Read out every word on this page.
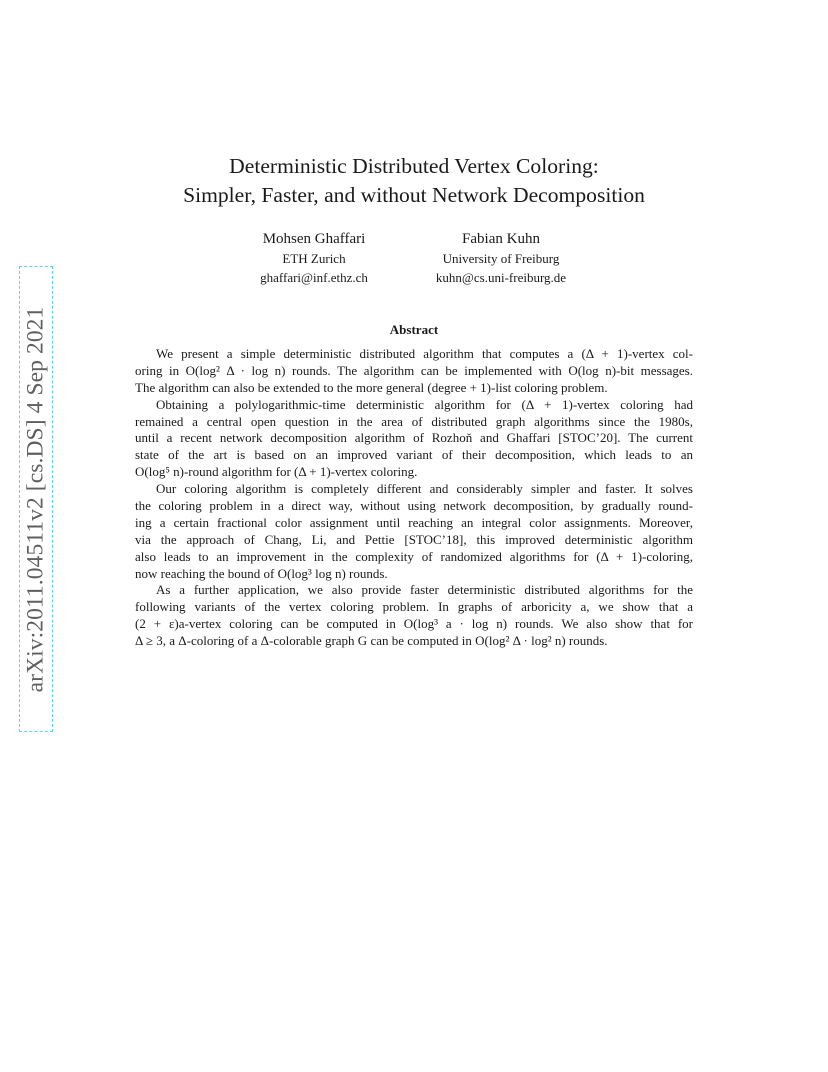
arXiv:2011.04511v2 [cs.DS] 4 Sep 2021
Deterministic Distributed Vertex Coloring:
Simpler, Faster, and without Network Decomposition
Mohsen Ghaffari
ETH Zurich
ghaffari@inf.ethz.ch
Fabian Kuhn
University of Freiburg
kuhn@cs.uni-freiburg.de
Abstract
We present a simple deterministic distributed algorithm that computes a (Δ + 1)-vertex col-
oring in O(log² Δ · log n) rounds. The algorithm can be implemented with O(log n)-bit messages.
The algorithm can also be extended to the more general (degree + 1)-list coloring problem.
Obtaining a polylogarithmic-time deterministic algorithm for (Δ + 1)-vertex coloring had
remained a central open question in the area of distributed graph algorithms since the 1980s,
until a recent network decomposition algorithm of Rozhoň and Ghaffari [STOC’20]. The current
state of the art is based on an improved variant of their decomposition, which leads to an
O(log⁵ n)-round algorithm for (Δ + 1)-vertex coloring.
Our coloring algorithm is completely different and considerably simpler and faster. It solves
the coloring problem in a direct way, without using network decomposition, by gradually round-
ing a certain fractional color assignment until reaching an integral color assignments. Moreover,
via the approach of Chang, Li, and Pettie [STOC’18], this improved deterministic algorithm
also leads to an improvement in the complexity of randomized algorithms for (Δ + 1)-coloring,
now reaching the bound of O(log³ log n) rounds.
As a further application, we also provide faster deterministic distributed algorithms for the
following variants of the vertex coloring problem. In graphs of arboricity a, we show that a
(2 + ε)a-vertex coloring can be computed in O(log³ a · log n) rounds. We also show that for
Δ ≥ 3, a Δ-coloring of a Δ-colorable graph G can be computed in O(log² Δ · log² n) rounds.
